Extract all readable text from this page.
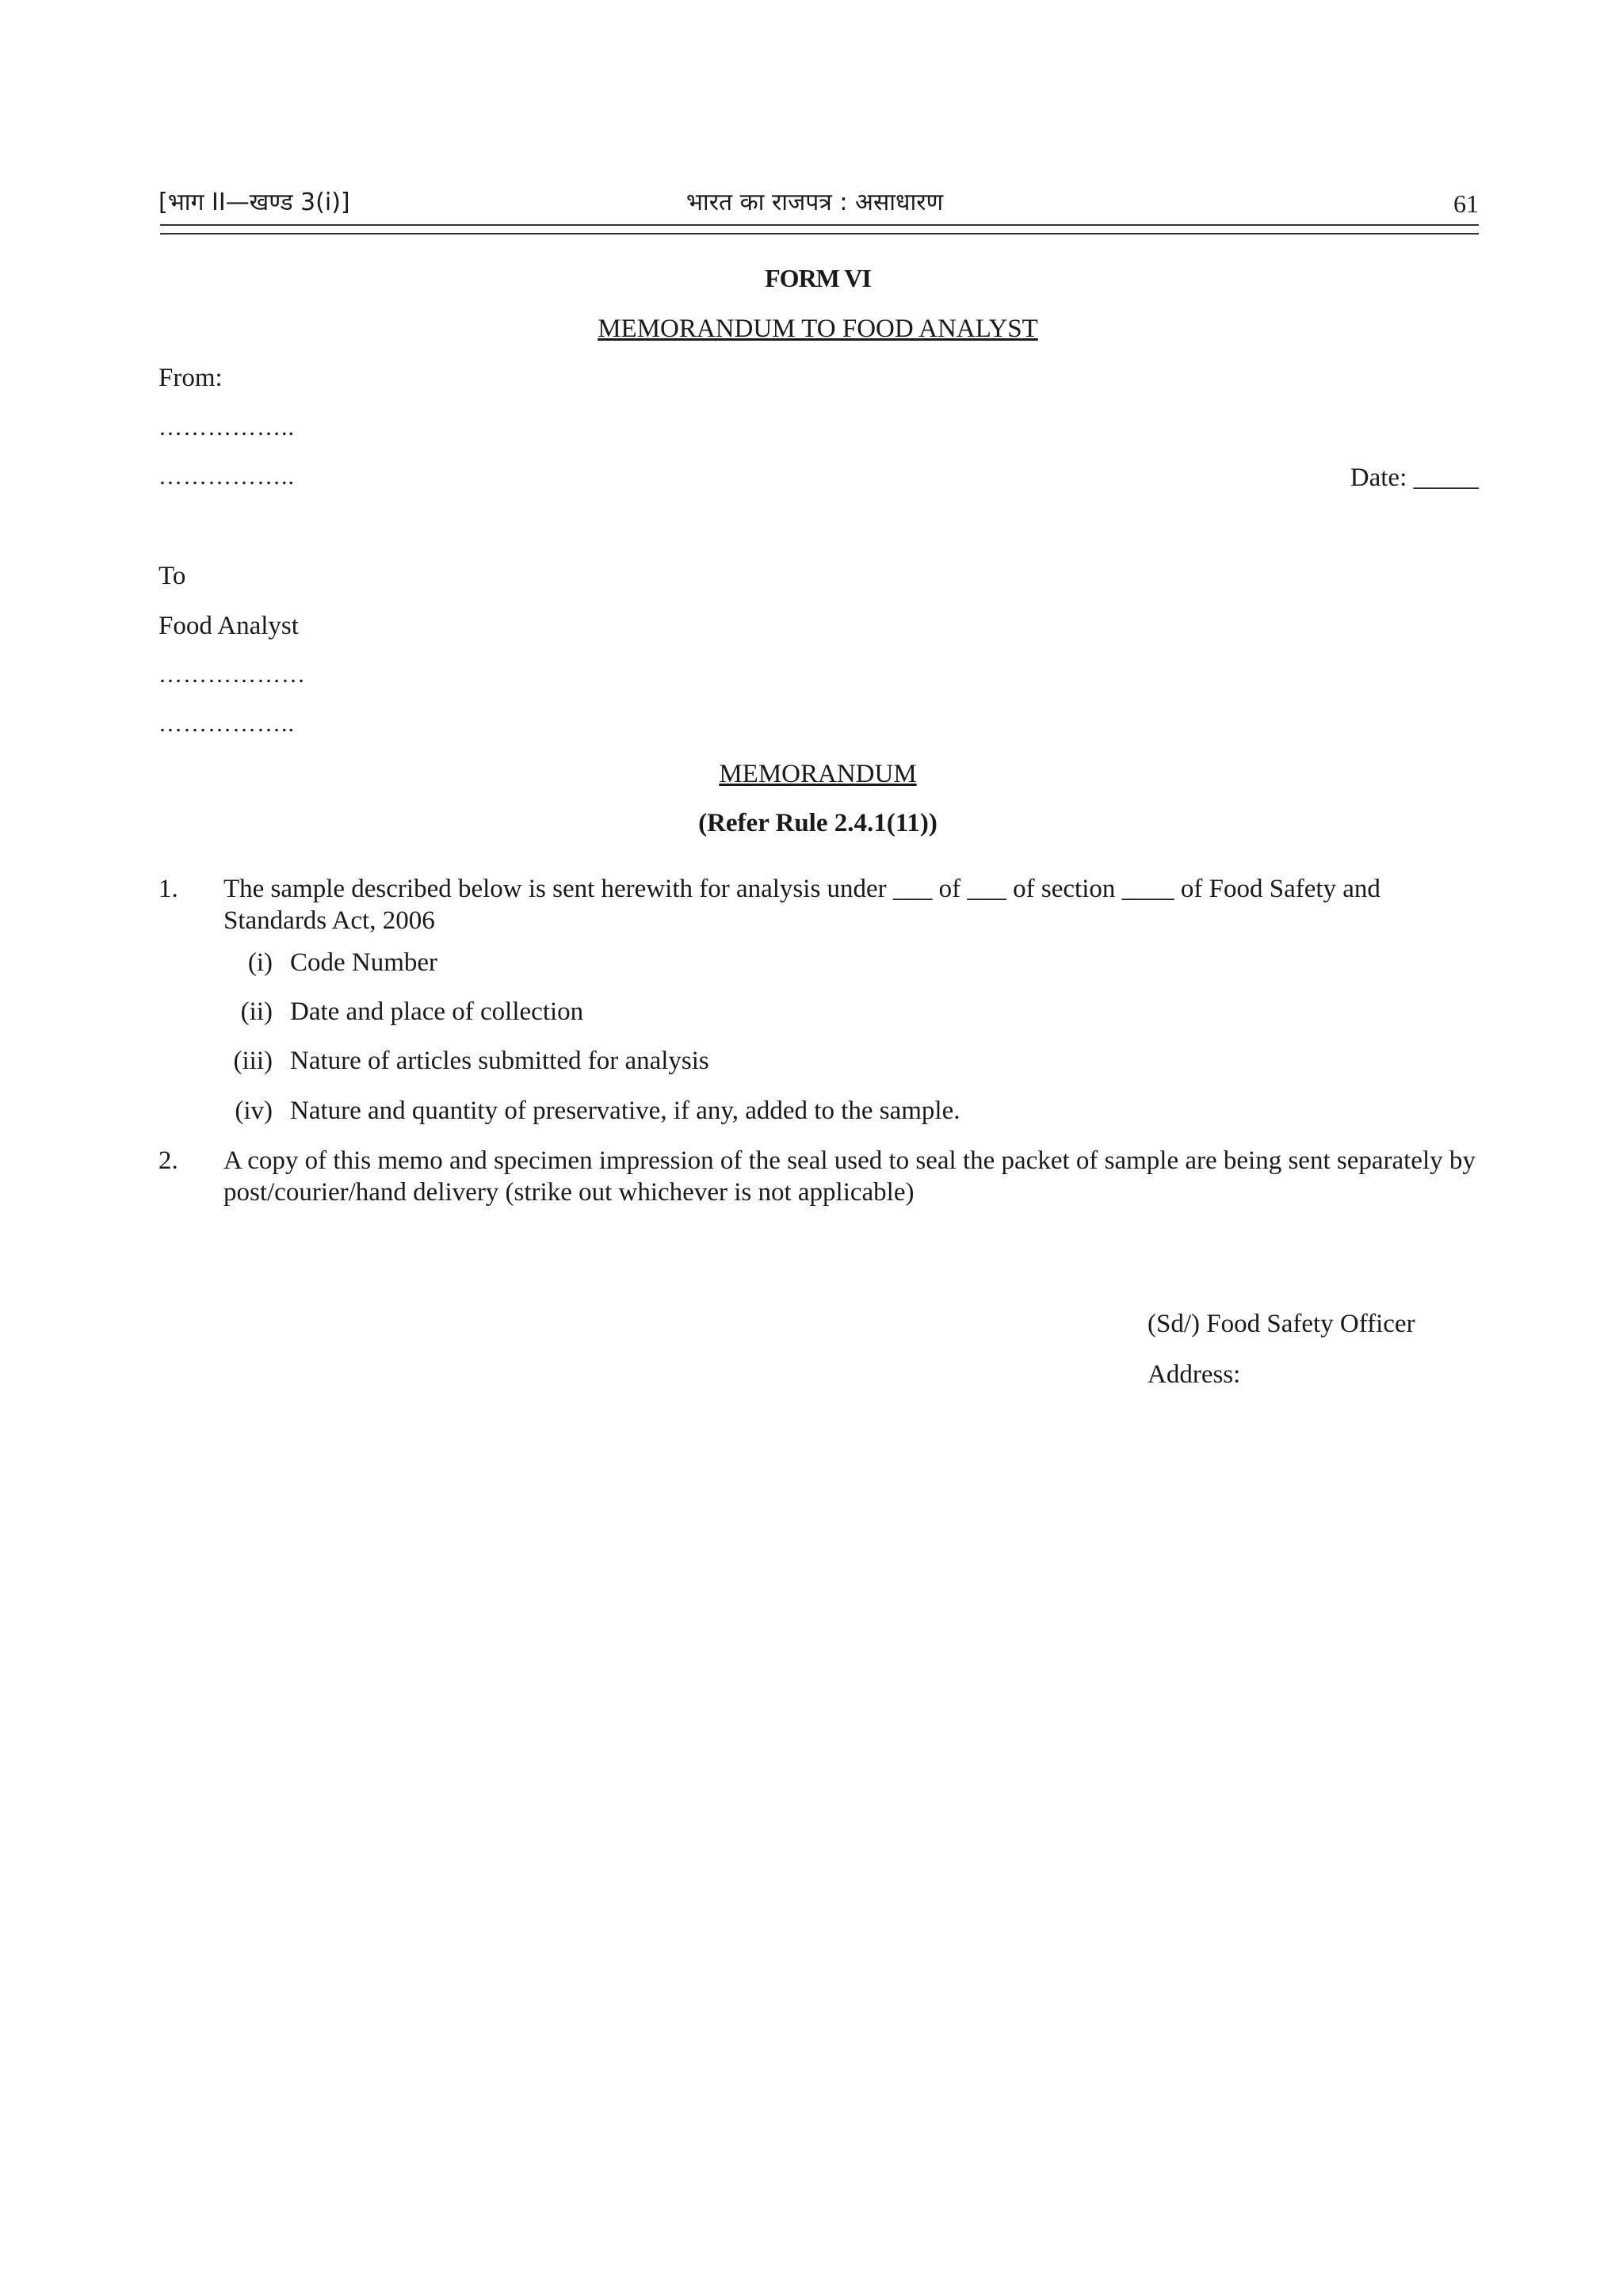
[भाग II—खण्ड 3(i)]	भारत का राजपत्र : असाधारण	61
FORM VI
MEMORANDUM TO FOOD ANALYST
From:
……………..
……………..	Date: _____
To
Food Analyst
………………
……………..
MEMORANDUM
(Refer Rule 2.4.1(11))
1. The sample described below is sent herewith for analysis under ___ of ___ of section ____ of Food Safety and Standards Act, 2006

(i) Code Number
(ii) Date and place of collection
(iii) Nature of articles submitted for analysis
(iv) Nature and quantity of preservative, if any, added to the sample.
2. A copy of this memo and specimen impression of the seal used to seal the packet of sample are being sent separately by post/courier/hand delivery (strike out whichever is not applicable)

(Sd/) Food Safety Officer
Address:
